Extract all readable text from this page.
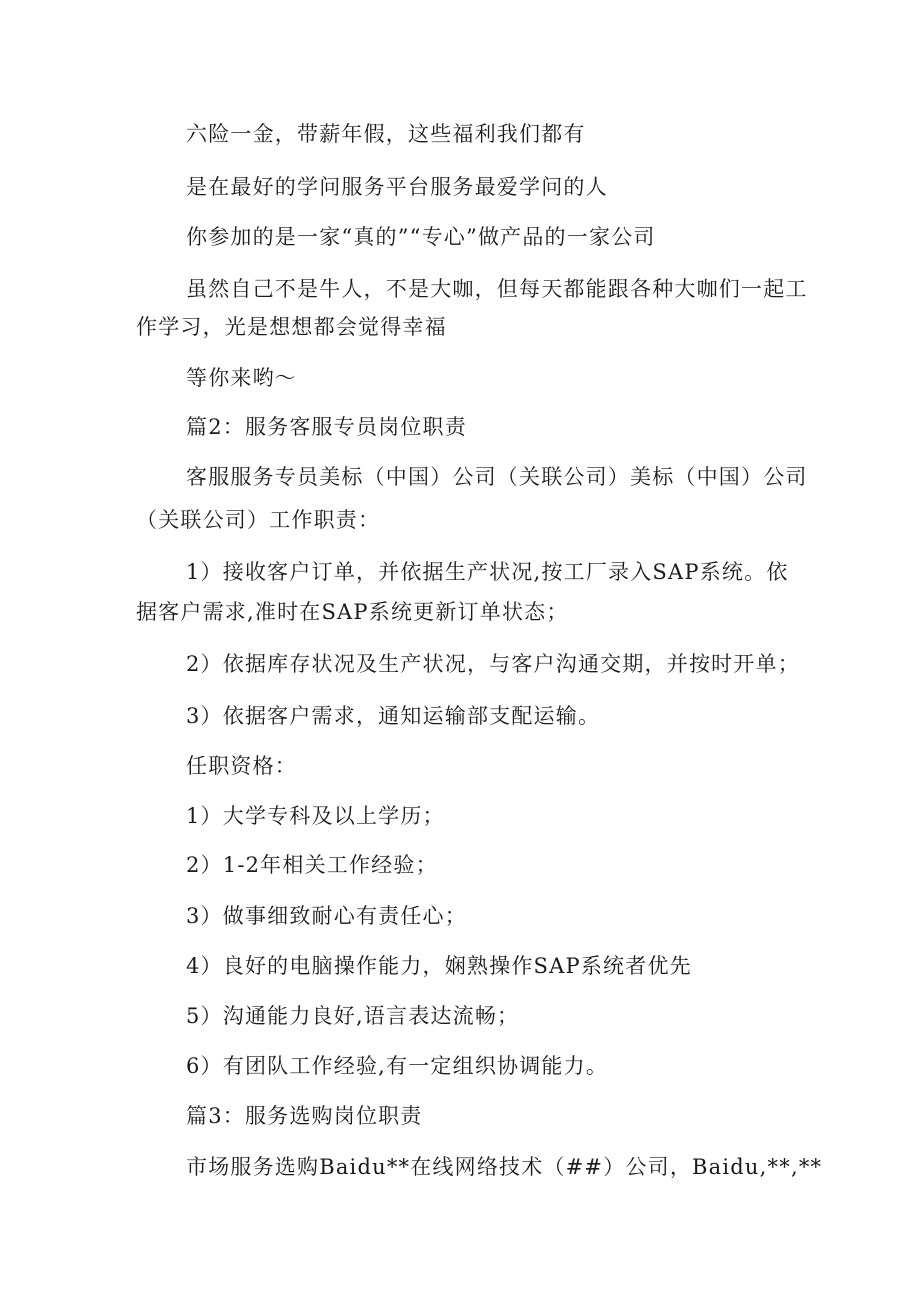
六险一金，带薪年假，这些福利我们都有
是在最好的学问服务平台服务最爱学问的人
你参加的是一家“真的”“专心”做产品的一家公司
虽然自己不是牛人，不是大咖，但每天都能跟各种大咖们一起工
作学习，光是想想都会觉得幸福
等你来哟～
篇2：服务客服专员岗位职责
客服服务专员美标（中国）公司（关联公司）美标（中国）公司
（关联公司）工作职责：
1）接收客户订单，并依据生产状况,按工厂录入SAP系统。依
据客户需求,准时在SAP系统更新订单状态；
2）依据库存状况及生产状况，与客户沟通交期，并按时开单；
3）依据客户需求，通知运输部支配运输。
任职资格：
1）大学专科及以上学历；
2）1-2年相关工作经验；
3）做事细致耐心有责任心；
4）良好的电脑操作能力，娴熟操作SAP系统者优先
5）沟通能力良好,语言表达流畅；
6）有团队工作经验,有一定组织协调能力。
篇3：服务选购岗位职责
市场服务选购Baidu**在线网络技术（##）公司，Baidu,**,**
